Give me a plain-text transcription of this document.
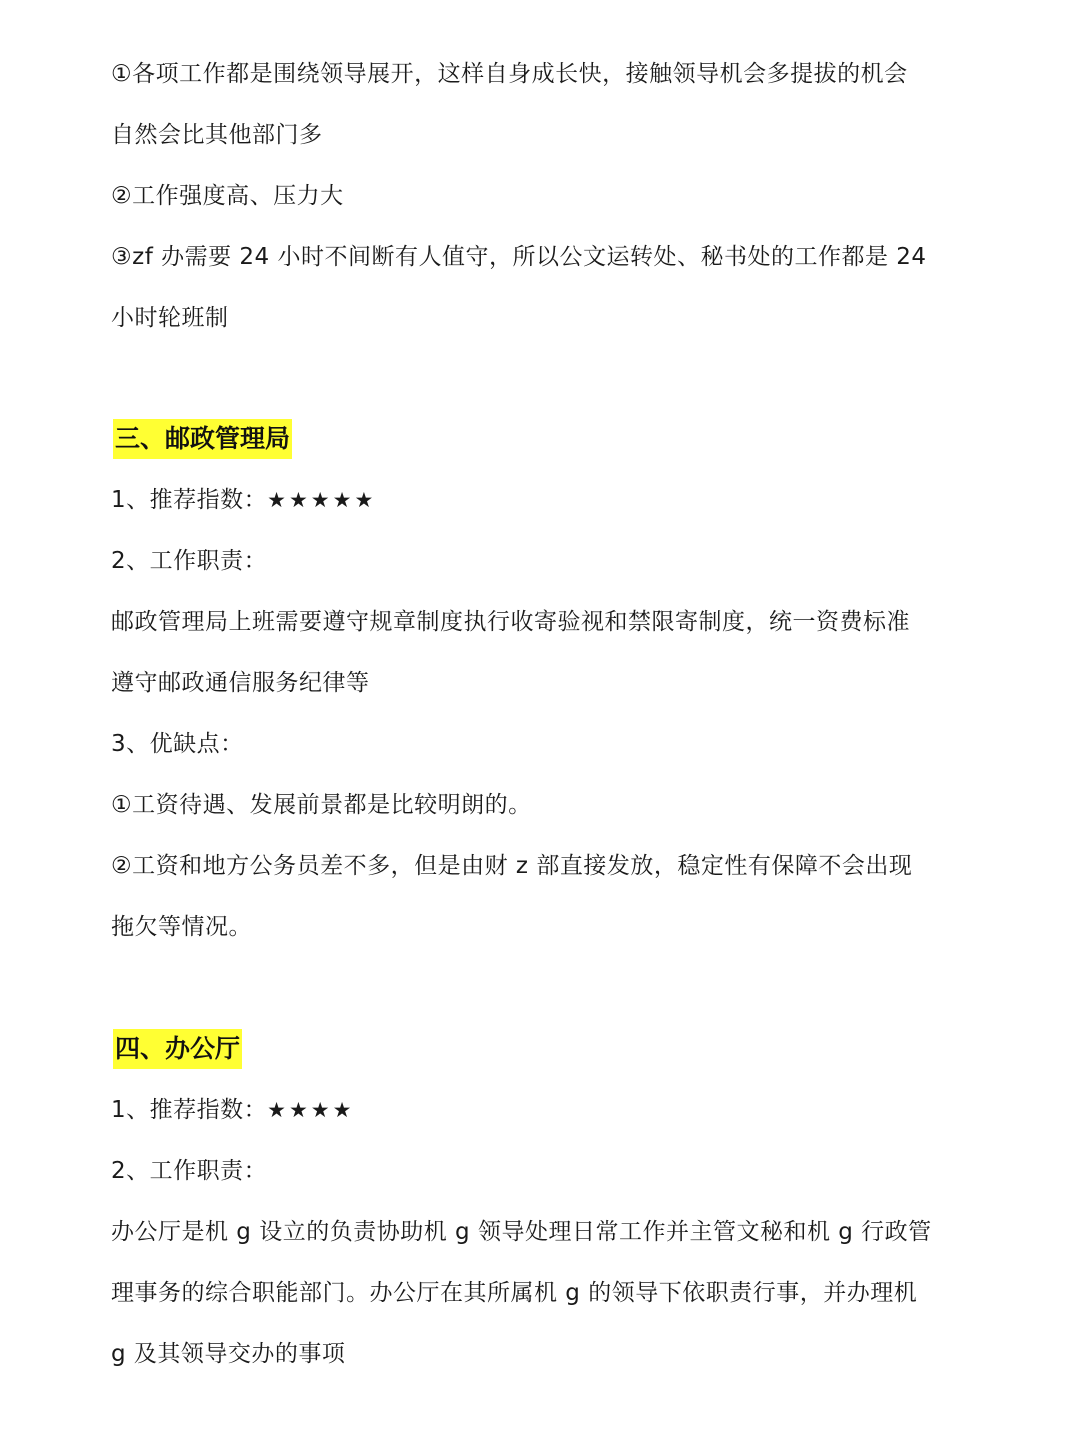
①各项工作都是围绕领导展开，这样自身成长快，接触领导机会多提拔的机会
自然会比其他部门多
②工作强度高、压力大
③zf 办需要 24 小时不间断有人值守，所以公文运转处、秘书处的工作都是 24
小时轮班制
三、邮政管理局
1、推荐指数：★★★★★
2、工作职责：
邮政管理局上班需要遵守规章制度执行收寄验视和禁限寄制度，统一资费标准
遵守邮政通信服务纪律等
3、优缺点：
①工资待遇、发展前景都是比较明朗的。
②工资和地方公务员差不多，但是由财 z 部直接发放，稳定性有保障不会出现
拖欠等情况。
四、办公厅
1、推荐指数：★★★★
2、工作职责：
办公厅是机 g 设立的负责协助机 g 领导处理日常工作并主管文秘和机 g 行政管
理事务的综合职能部门。办公厅在其所属机 g 的领导下依职责行事，并办理机
g 及其领导交办的事项
